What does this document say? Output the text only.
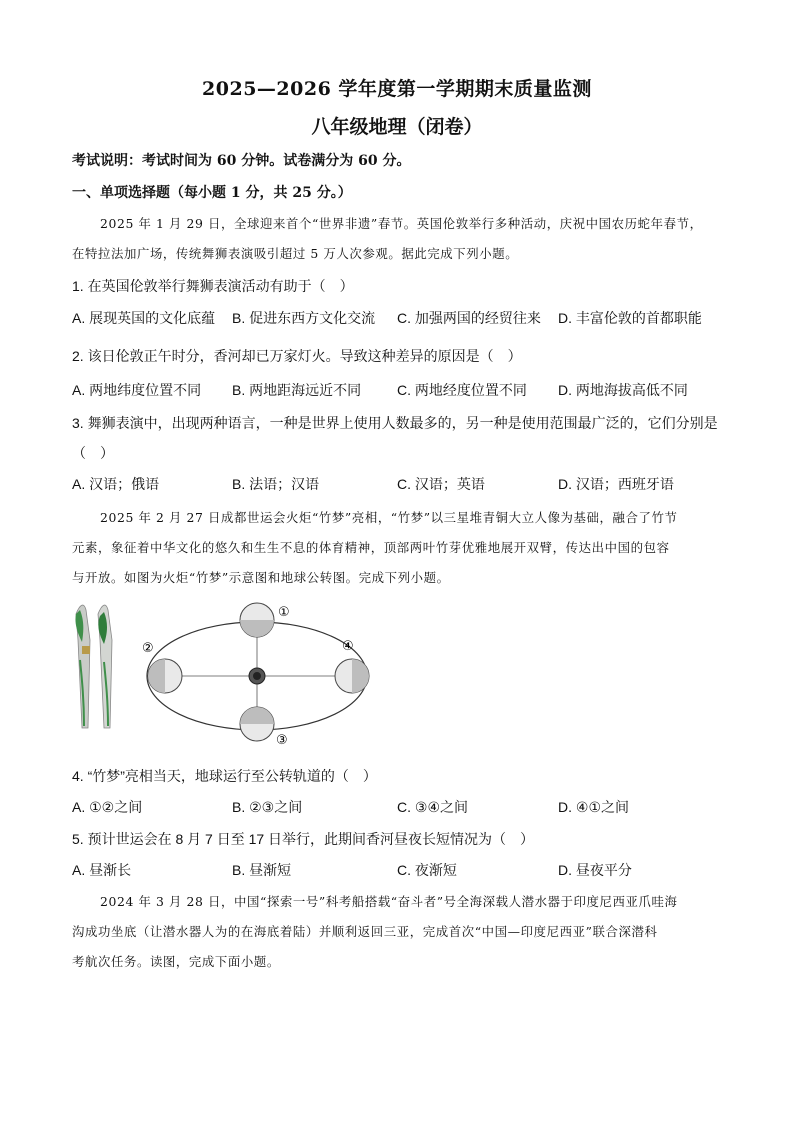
2025—2026 学年度第一学期期末质量监测
八年级地理（闭卷）
考试说明：考试时间为 60 分钟。试卷满分为 60 分。
一、单项选择题（每小题 1 分，共 25 分。）
2025 年 1 月 29 日，全球迎来首个“世界非遗”春节。英国伦敦举行多种活动，庆祝中国农历蛇年春节，
在特拉法加广场，传统舞狮表演吸引超过 5 万人次参观。据此完成下列小题。
1. 在英国伦敦举行舞狮表演活动有助于（　）
A. 展现英国的文化底蕴 B. 促进东西方文化交流 C. 加强两国的经贸往来 D. 丰富伦敦的首都职能
2. 该日伦敦正午时分，香河却已万家灯火。导致这种差异的原因是（　）
A. 两地纬度位置不同 B. 两地距海远近不同	C. 两地经度位置不同 D. 两地海拔高低不同
3. 舞狮表演中，出现两种语言，一种是世界上使用人数最多的，另一种是使用范围最广泛的，它们分别是
（　）
A. 汉语；俄语	B. 法语；汉语	C. 汉语；英语	D. 汉语；西班牙语
2025 年 2 月 27 日成都世运会火炬“竹梦”亮相，“竹梦”以三星堆青铜大立人像为基础，融合了竹节
元素，象征着中华文化的悠久和生生不息的体育精神，顶部两叶竹芽优雅地展开双臂，传达出中国的包容
与开放。如图为火炬“竹梦”示意图和地球公转图。完成下列小题。
①
④
③
②
4. “竹梦”亮相当天，地球运行至公转轨道的（　）
A. ①②之间	B. ②③之间	C. ③④之间	D. ④①之间
5. 预计世运会在 8 月 7 日至 17 日举行，此期间香河昼夜长短情况为（　）
A. 昼渐长	B. 昼渐短	C. 夜渐短	D. 昼夜平分
2024 年 3 月 28 日，中国“探索一号”科考船搭载“奋斗者”号全海深载人潜水器于印度尼西亚爪哇海
沟成功坐底（让潜水器人为的在海底着陆）并顺利返回三亚，完成首次“中国—印度尼西亚”联合深潜科
考航次任务。读图，完成下面小题。
